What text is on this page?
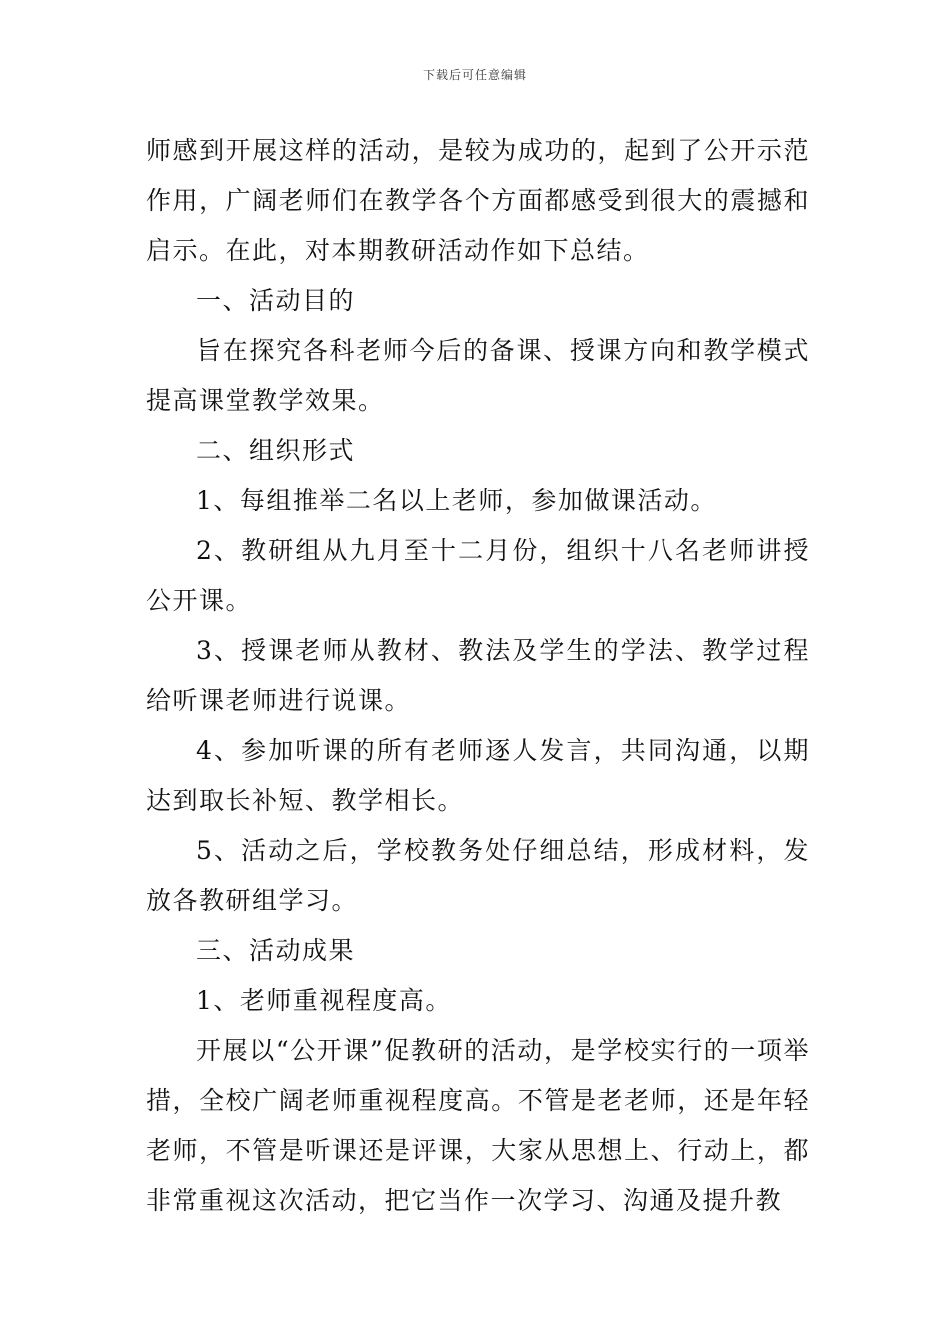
下载后可任意编辑

师感到开展这样的活动，是较为成功的，起到了公开示范作用，广阔老师们在教学各个方面都感受到很大的震撼和启示。在此，对本期教研活动作如下总结。

一、活动目的

旨在探究各科老师今后的备课、授课方向和教学模式提高课堂教学效果。

二、组织形式

1、每组推举二名以上老师，参加做课活动。

2、教研组从九月至十二月份，组织十八名老师讲授公开课。

3、授课老师从教材、教法及学生的学法、教学过程给听课老师进行说课。

4、参加听课的所有老师逐人发言，共同沟通，以期达到取长补短、教学相长。

5、活动之后，学校教务处仔细总结，形成材料，发放各教研组学习。

三、活动成果

1、老师重视程度高。

开展以“公开课”促教研的活动，是学校实行的一项举措，全校广阔老师重视程度高。不管是老老师，还是年轻老师，不管是听课还是评课，大家从思想上、行动上，都非常重视这次活动，把它当作一次学习、沟通及提升教
